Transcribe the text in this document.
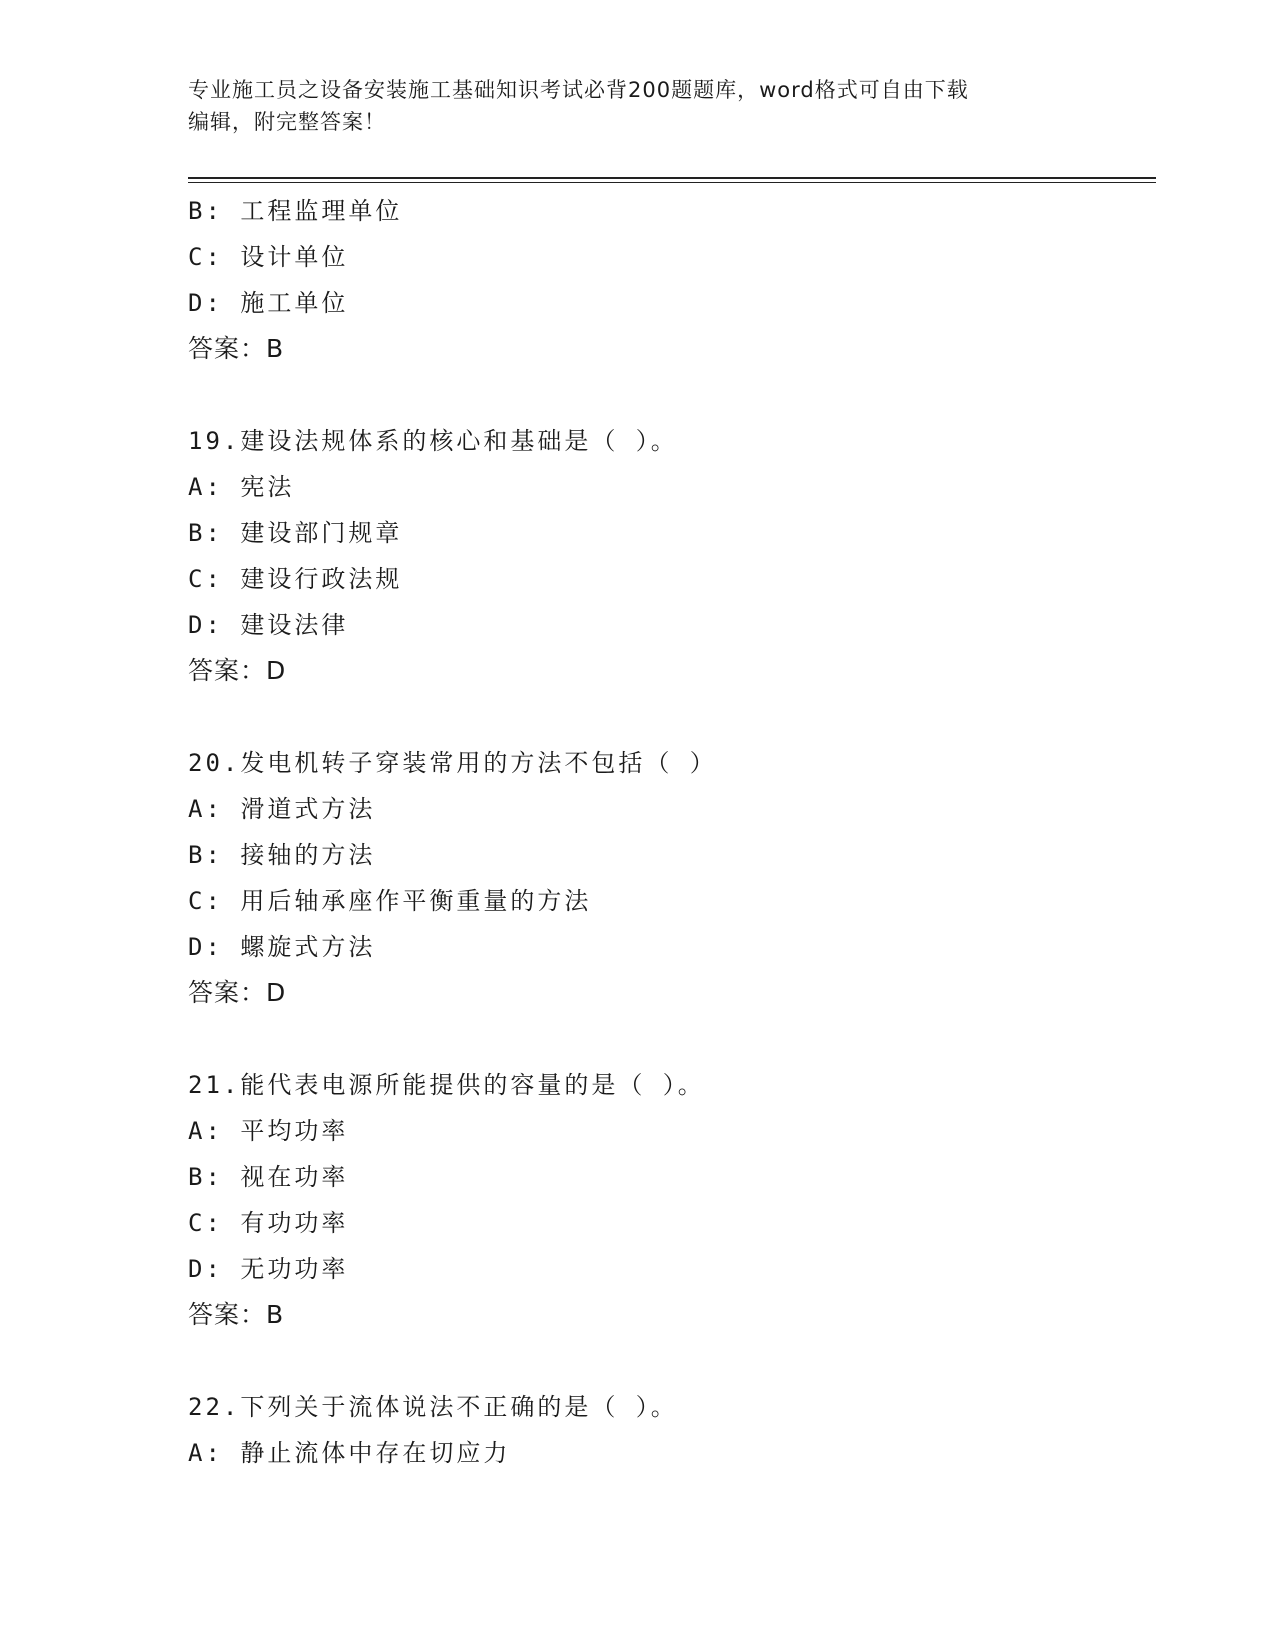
专业施工员之设备安装施工基础知识考试必背200题题库，word格式可自由下载
编辑，附完整答案！
B: 工程监理单位
C: 设计单位
D: 施工单位
答案：B
19.建设法规体系的核心和基础是（ ）。
A: 宪法
B: 建设部门规章
C: 建设行政法规
D: 建设法律
答案：D
20.发电机转子穿装常用的方法不包括（ ）
A: 滑道式方法
B: 接轴的方法
C: 用后轴承座作平衡重量的方法
D: 螺旋式方法
答案：D
21.能代表电源所能提供的容量的是（ ）。
A: 平均功率
B: 视在功率
C: 有功功率
D: 无功功率
答案：B
22.下列关于流体说法不正确的是（ ）。
A: 静止流体中存在切应力
